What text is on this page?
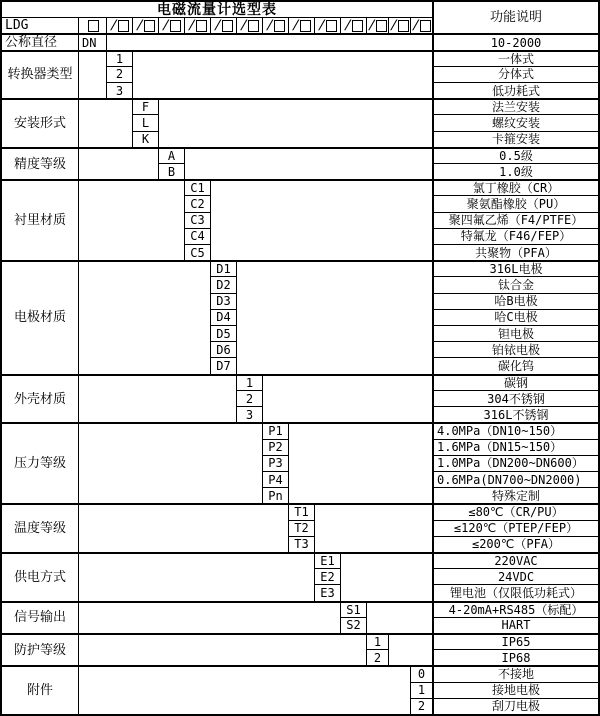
电磁流量计选型表
功能说明
LDG	/ / / / / / / / / / / / /
公称直径	DN	10-2000
转换器类型
1	一体式
2	分体式
3	低功耗式
安装形式
F	法兰安装
L	螺纹安装
K	卡箍安装
精度等级
A	0.5级
B	1.0级
衬里材质
C1	氯丁橡胶（CR）
C2	聚氨酯橡胶（PU）
C3	聚四氟乙烯（F4/PTFE）
C4	特氟龙（F46/FEP）
C5	共聚物（PFA）
电极材质
D1	316L电极
D2	钛合金
D3	哈B电极
D4	哈C电极
D5	钽电极
D6	铂铱电极
D7	碳化钨
外壳材质
1	碳钢
2	304不锈钢
3	316L不锈钢
压力等级
P1	4.0MPa（DN10~150）
P2	1.6MPa（DN15~150）
P3	1.0MPa（DN200~DN600）
P4	0.6MPa(DN700~DN2000)
Pn	特殊定制
温度等级
T1	≤80℃（CR/PU）
T2	≤120℃（PTEP/FEP）
T3	≤200℃（PFA）
供电方式
E1	220VAC
E2	24VDC
E3	锂电池（仅限低功耗式）
信号输出
S1	4-20mA+RS485（标配）
S2	HART
防护等级
1	IP65
2	IP68
附件
0	不接地
1	接地电极
2	刮刀电极
